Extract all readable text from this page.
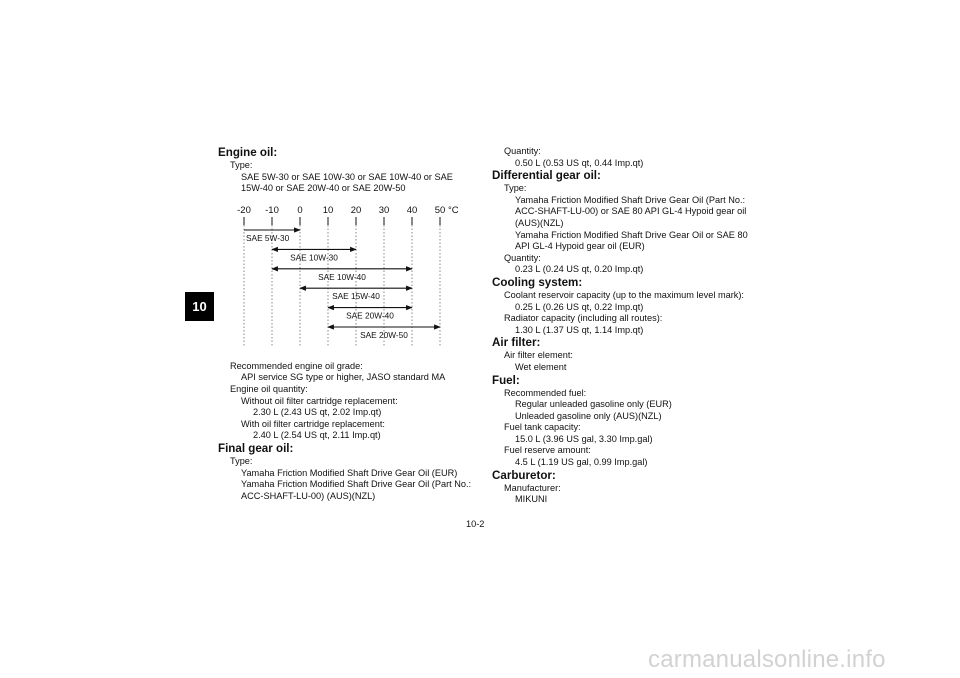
10
Engine oil:
Type:
SAE 5W-30 or SAE 10W-30 or SAE 10W-40 or SAE
15W-40 or SAE 20W-40 or SAE 20W-50
-20 -10 0 10 20 30 40 50 °C
SAE 5W-30
SAE 10W-30
SAE 10W-40
SAE 15W-40
SAE 20W-40
SAE 20W-50
Recommended engine oil grade:
API service SG type or higher, JASO standard MA
Engine oil quantity:
Without oil filter cartridge replacement:
2.30 L (2.43 US qt, 2.02 Imp.qt)
With oil filter cartridge replacement:
2.40 L (2.54 US qt, 2.11 Imp.qt)
Final gear oil:
Type:
Yamaha Friction Modified Shaft Drive Gear Oil (EUR)
Yamaha Friction Modified Shaft Drive Gear Oil (Part No.:
ACC-SHAFT-LU-00) (AUS)(NZL)
Quantity:
0.50 L (0.53 US qt, 0.44 Imp.qt)
Differential gear oil:
Type:
Yamaha Friction Modified Shaft Drive Gear Oil (Part No.:
ACC-SHAFT-LU-00) or SAE 80 API GL-4 Hypoid gear oil
(AUS)(NZL)
Yamaha Friction Modified Shaft Drive Gear Oil or SAE 80
API GL-4 Hypoid gear oil (EUR)
Quantity:
0.23 L (0.24 US qt, 0.20 Imp.qt)
Cooling system:
Coolant reservoir capacity (up to the maximum level mark):
0.25 L (0.26 US qt, 0.22 Imp.qt)
Radiator capacity (including all routes):
1.30 L (1.37 US qt, 1.14 Imp.qt)
Air filter:
Air filter element:
Wet element
Fuel:
Recommended fuel:
Regular unleaded gasoline only (EUR)
Unleaded gasoline only (AUS)(NZL)
Fuel tank capacity:
15.0 L (3.96 US gal, 3.30 Imp.gal)
Fuel reserve amount:
4.5 L (1.19 US gal, 0.99 Imp.gal)
Carburetor:
Manufacturer:
MIKUNI
10-2
carmanualsonline.info
